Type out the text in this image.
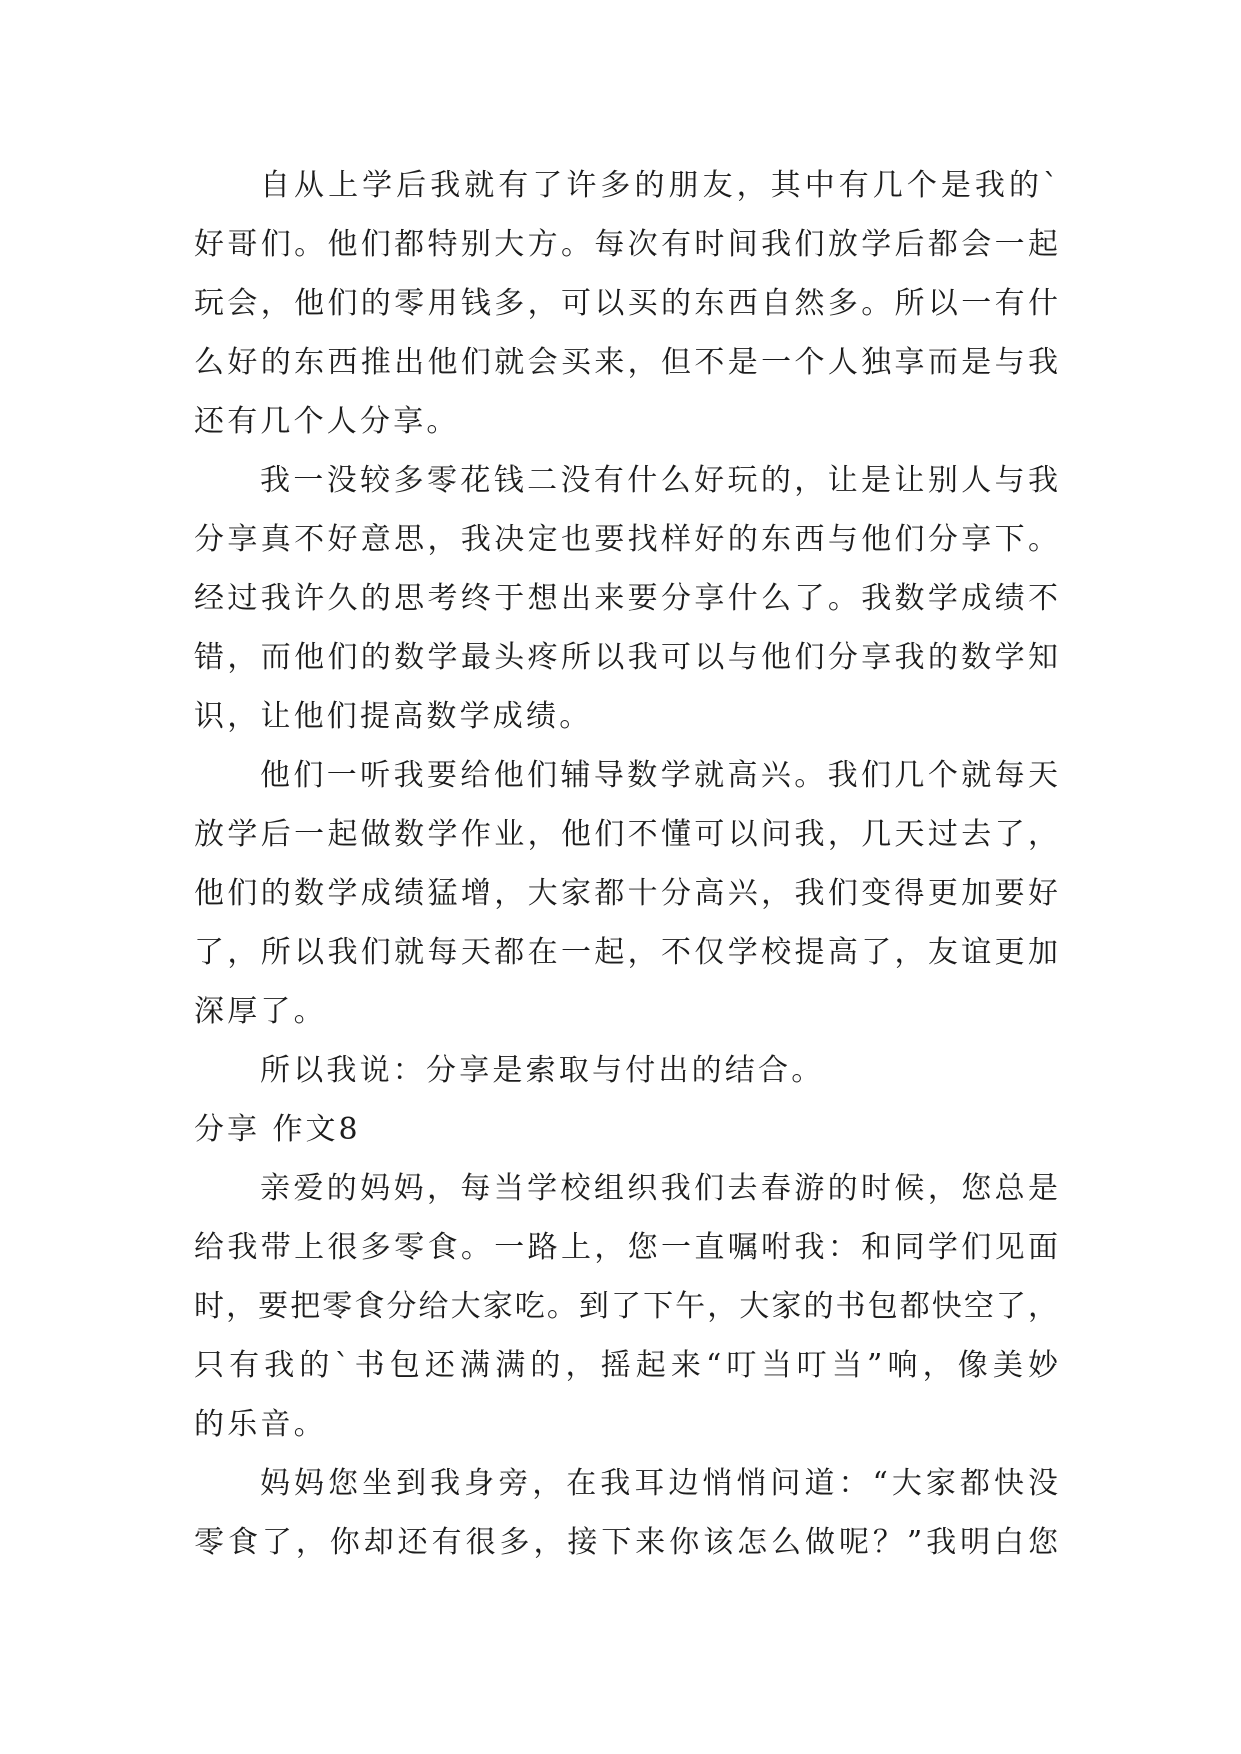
自从上学后我就有了许多的朋友，其中有几个是我的`
好哥们。他们都特别大方。每次有时间我们放学后都会一起
玩会，他们的零用钱多，可以买的东西自然多。所以一有什
么好的东西推出他们就会买来，但不是一个人独享而是与我
还有几个人分享。
我一没较多零花钱二没有什么好玩的，让是让别人与我
分享真不好意思，我决定也要找样好的东西与他们分享下。
经过我许久的思考终于想出来要分享什么了。我数学成绩不
错，而他们的数学最头疼所以我可以与他们分享我的数学知
识，让他们提高数学成绩。
他们一听我要给他们辅导数学就高兴。我们几个就每天
放学后一起做数学作业，他们不懂可以问我，几天过去了，
他们的数学成绩猛增，大家都十分高兴，我们变得更加要好
了，所以我们就每天都在一起，不仅学校提高了，友谊更加
深厚了。
所以我说：分享是索取与付出的结合。
分享 作文8
亲爱的妈妈，每当学校组织我们去春游的时候，您总是
给我带上很多零食。一路上，您一直嘱咐我：和同学们见面
时，要把零食分给大家吃。到了下午，大家的书包都快空了，
只有我的`书包还满满的，摇起来“叮当叮当”响，像美妙
的乐音。
妈妈您坐到我身旁，在我耳边悄悄问道：“大家都快没
零食了，你却还有很多，接下来你该怎么做呢？”我明白您
